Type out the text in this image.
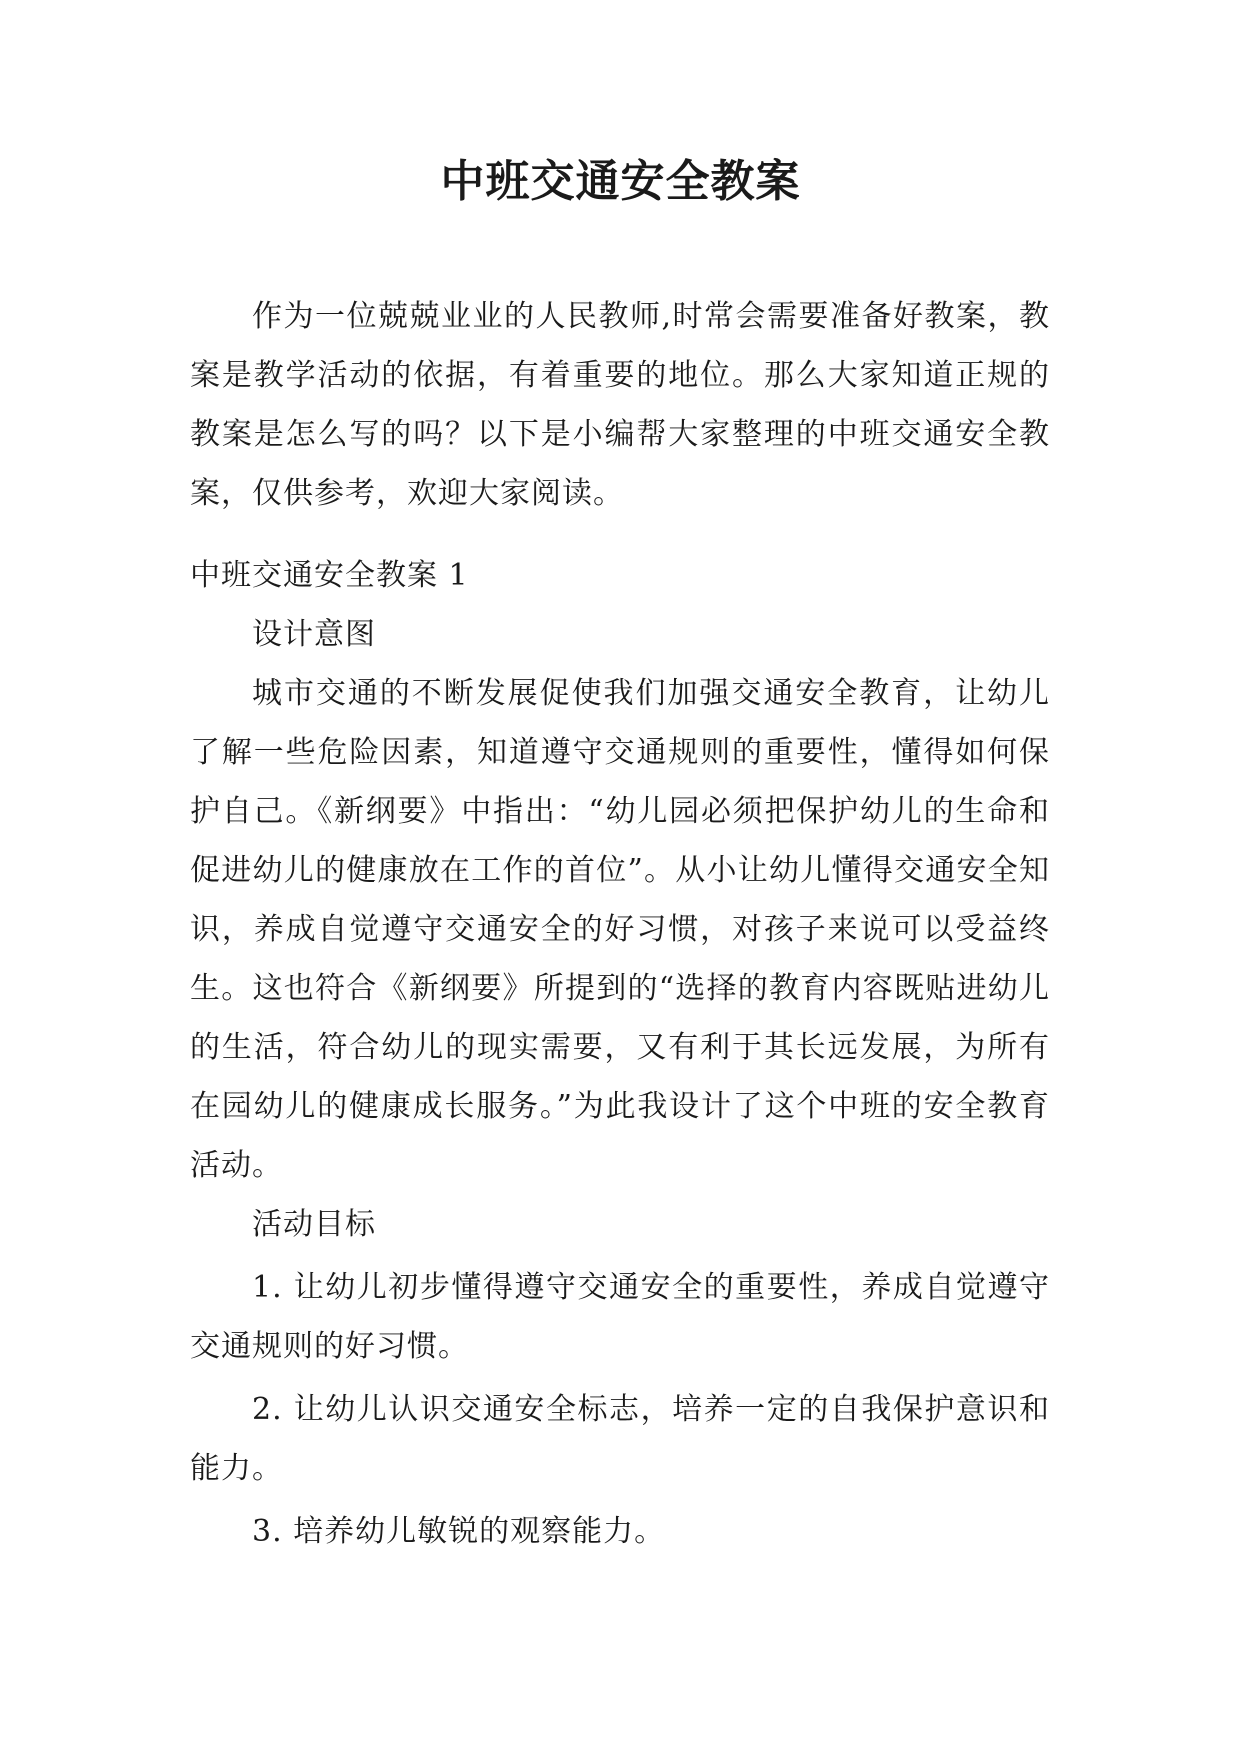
中班交通安全教案

作为一位兢兢业业的人民教师,时常会需要准备好教案，教案是教学活动的依据，有着重要的地位。那么大家知道正规的教案是怎么写的吗？以下是小编帮大家整理的中班交通安全教案，仅供参考，欢迎大家阅读。

中班交通安全教案 1

设计意图

城市交通的不断发展促使我们加强交通安全教育，让幼儿了解一些危险因素，知道遵守交通规则的重要性，懂得如何保护自己。《新纲要》中指出：“幼儿园必须把保护幼儿的生命和促进幼儿的健康放在工作的首位”。从小让幼儿懂得交通安全知识，养成自觉遵守交通安全的好习惯，对孩子来说可以受益终生。这也符合《新纲要》所提到的“选择的教育内容既贴进幼儿的生活，符合幼儿的现实需要，又有利于其长远发展，为所有在园幼儿的健康成长服务。”为此我设计了这个中班的安全教育活动。

活动目标

1. 让幼儿初步懂得遵守交通安全的重要性，养成自觉遵守交通规则的好习惯。

2. 让幼儿认识交通安全标志，培养一定的自我保护意识和能力。

3. 培养幼儿敏锐的观察能力。
